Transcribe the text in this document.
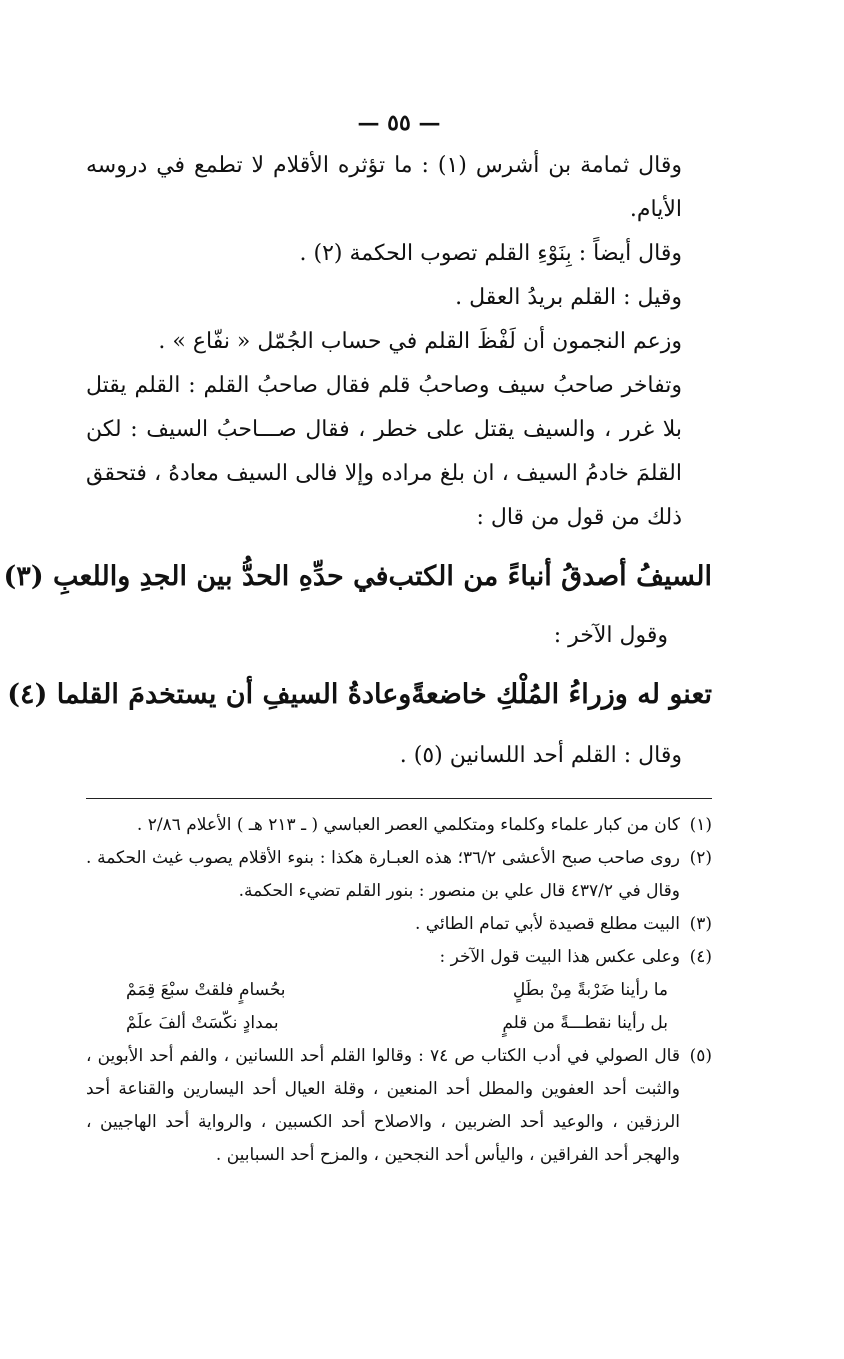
— ٥٥ —

وقال ثمامة بن أشرس (١) : ما تؤثره الأقلام لا تطمع في دروسه الأيام.

وقال أيضاً : بِنَوْءِ القلم تصوب الحكمة (٢) .

وقيل : القلم بريدُ العقل .

وزعم النجمون أن لَفْظَ القلم في حساب الجُمّل « نفّاع » .

وتفاخر صاحبُ سيف وصاحبُ قلم فقال صاحبُ القلم : القلم يقتل بلا غرر ، والسيف يقتل على خطر ، فقال صـــاحبُ السيف : لكن القلمَ خادمُ السيف ، ان بلغ مراده وإلا فالى السيف معادهُ ، فتحقق ذلك من قول من قال :

السيفُ أصدقُ أنباءً من الكتب
في حدِّهِ الحدُّ بين الجدِ واللعبِ (٣)

وقول الآخر :

تعنو له وزراءُ المُلْكِ خاضعةً
وعادةُ السيفِ أن يستخدمَ القلما (٤)

وقال : القلم أحد اللسانين (٥) .

(١)
كان من كبار علماء وكلماء ومتكلمي العصر العباسي ( ـ ٢١٣ هـ ) الأعلام ٢/٨٦ .
(٢)
روى صاحب صبح الأعشى ٣٦/٢؛ هذه العبـارة هكذا : بنوء الأقلام يصوب غيث الحكمة . وقال في ٤٣٧/٢ قال علي بن منصور : بنور القلم تضيء الحكمة.
(٣)
البيت مطلع قصيدة لأبي تمام الطائي .
(٤)
وعلى عكس هذا البيت قول الآخر :
ما رأينا ضَرْبةً مِنْ بطَلٍ
بحُسامٍ فلقتْ سبْعَ قِمَمْ
بل رأينا نقطـــةً من قلمٍ
بمدادٍ نكّسَتْ ألفَ علَمْ
(٥)
قال الصولي في أدب الكتاب ص ٧٤ : وقالوا القلم أحد اللسانين ، والفم أحد الأبوين ، والثبت أحد العفوين والمطل أحد المنعين ، وقلة العيال أحد اليسارين والقناعة أحد الرزقين ، والوعيد أحد الضربين ، والاصلاح أحد الكسبين ، والرواية أحد الهاجيين ، والهجر أحد الفراقين ، واليأس أحد النجحين ، والمزح أحد السبابين .
